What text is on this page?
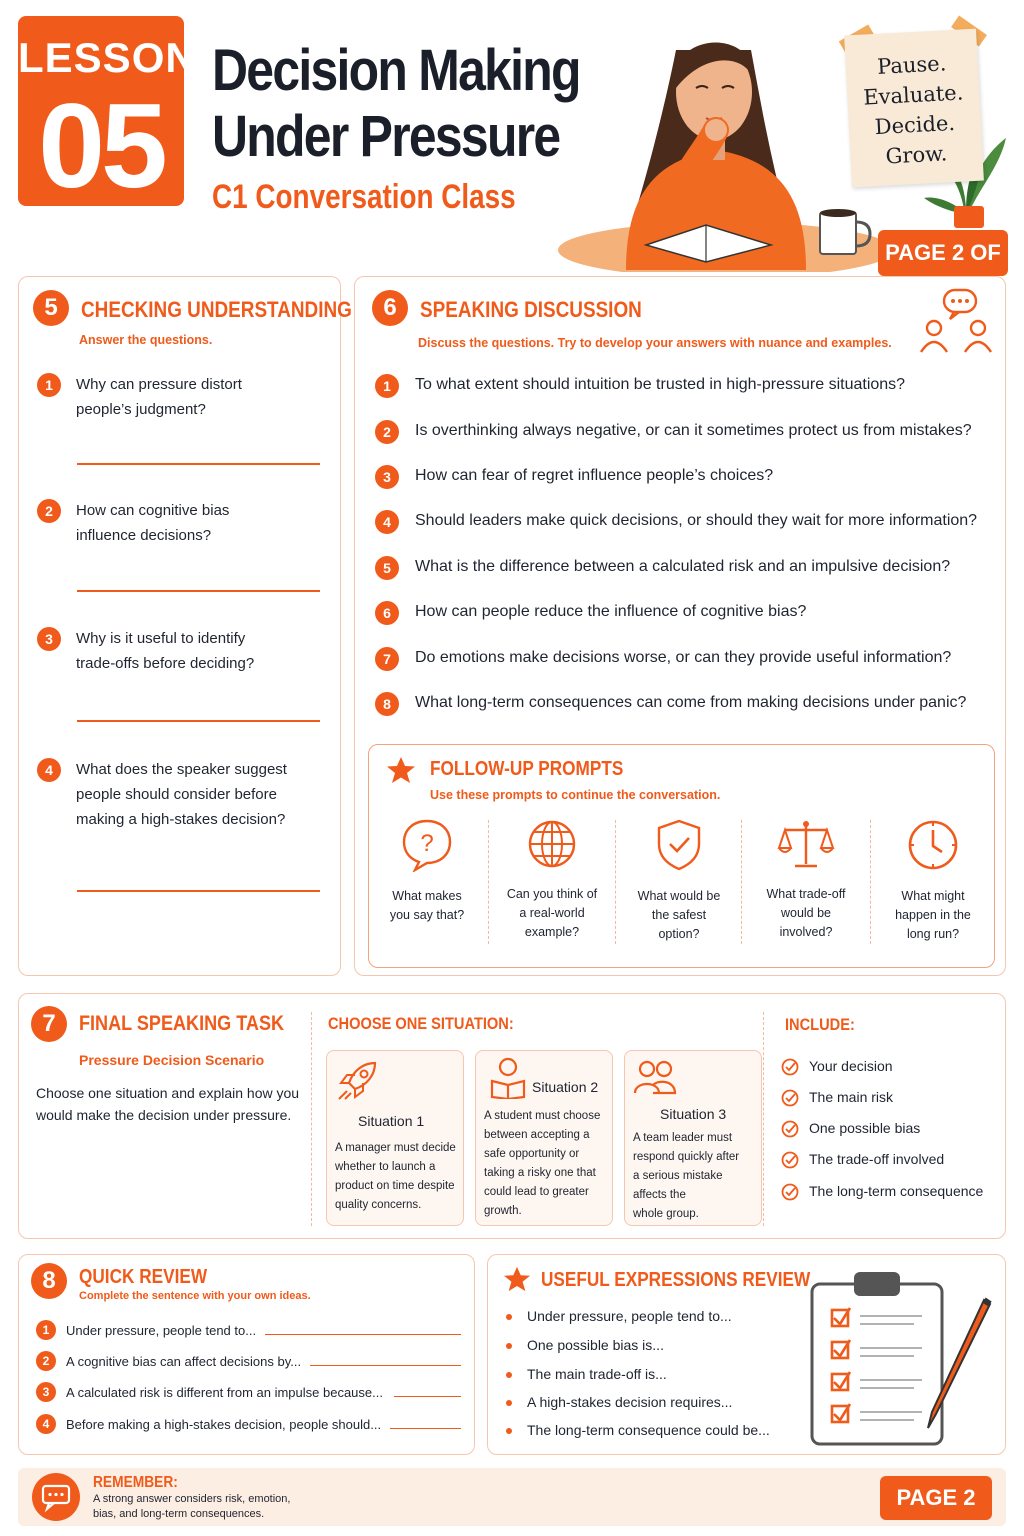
LESSON
05
Decision Making
Under Pressure
C1 Conversation Class
Pause.
Evaluate.
Decide.
Grow.
PAGE 2 OF
5	CHECKING UNDERSTANDING
Answer the questions.
1	Why can pressure distort
people’s judgment?
2	How can cognitive bias
influence decisions?
3	Why is it useful to identify
trade-offs before deciding?
4	What does the speaker suggest
people should consider before
making a high-stakes decision?
6	SPEAKING DISCUSSION
Discuss the questions. Try to develop your answers with nuance and examples.
1	To what extent should intuition be trusted in high-pressure situations?
2	Is overthinking always negative, or can it sometimes protect us from mistakes?
3	How can fear of regret influence people’s choices?
4	Should leaders make quick decisions, or should they wait for more information?
5	What is the difference between a calculated risk and an impulsive decision?
6	How can people reduce the influence of cognitive bias?
7	Do emotions make decisions worse, or can they provide useful information?
8	What long-term consequences can come from making decisions under panic?
FOLLOW-UP PROMPTS
Use these prompts to continue the conversation.
?
What makes
you say that?
Can you think of
a real-world
example?
What would be
the safest
option?
What trade-off
would be
involved?
What might
happen in the
long run?
7	FINAL SPEAKING TASK
Pressure Decision Scenario
Choose one situation and explain how you
would make the decision under pressure.
CHOOSE ONE SITUATION:
Situation 1
A manager must decide
whether to launch a
product on time despite
quality concerns.
Situation 2
A student must choose
between accepting a
safe opportunity or
taking a risky one that
could lead to greater
growth.
Situation 3
A team leader must
respond quickly after
a serious mistake
affects the
whole group.
INCLUDE:
Your decision
The main risk
One possible bias
The trade-off involved
The long-term consequence
8	QUICK REVIEW
Complete the sentence with your own ideas.
1	Under pressure, people tend to...
2	A cognitive bias can affect decisions by...
3	A calculated risk is different from an impulse because...
4	Before making a high-stakes decision, people should...
USEFUL EXPRESSIONS REVIEW
Under pressure, people tend to...
One possible bias is...
The main trade-off is...
A high-stakes decision requires...
The long-term consequence could be...
REMEMBER:
A strong answer considers risk, emotion,
bias, and long-term consequences.
PAGE 2
